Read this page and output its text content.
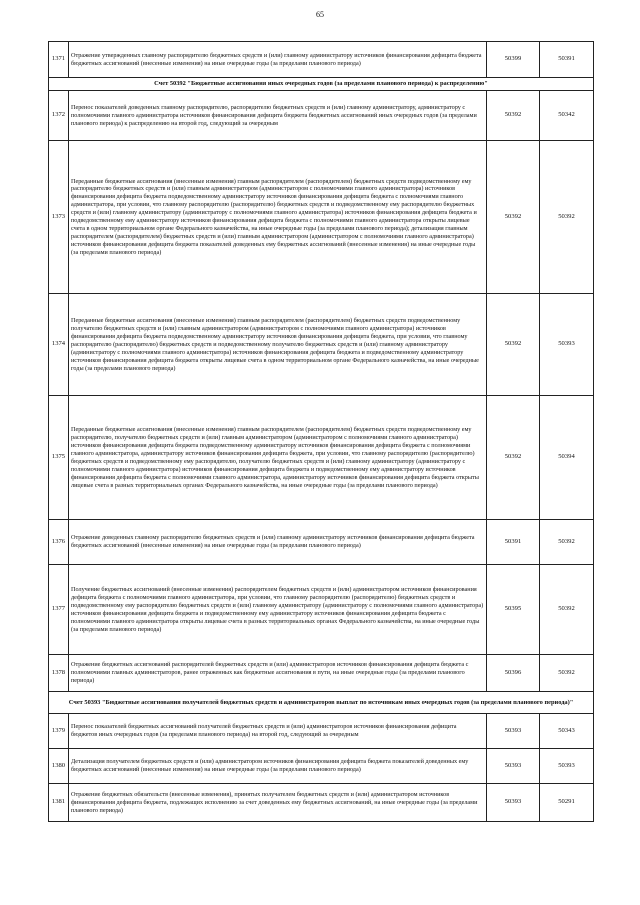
65
1371	Отражение утвержденных главному распорядителю бюджетных средств и (или) главному администратору источников финансирования дефицита бюджета бюджетных ассигнований (внесенные изменения) на иные очередные годы (за пределами планового периода)	50399	50391
Счет 50392 "Бюджетные ассигнования иных очередных годов (за пределами планового периода) к распределению"			
1372	Перенос показателей доведенных главному распорядителю, распорядителю бюджетных средств и (или) главному администратору, администратору с полномочиями главного администратора источников финансирования дефицита бюджета бюджетных ассигнований иных очередных годов (за пределами планового периода) к распределению на второй год, следующий за очередным	50392	50342
1373	Переданные бюджетные ассигнования (внесенные изменения) главным распорядителем (распорядителем) бюджетных средств подведомственному ему распорядителю бюджетных средств и (или) главным администратором (администратором с полномочиями главного администратора) источников финансирования дефицита бюджета подведомственному администратору источников финансирования дефицита бюджета с полномочиями главного администратора, при условии, что главному распорядителю (распорядителю) бюджетных средств и подведомственному ему распорядителю бюджетных средств и (или) главному администратору (администратору с полномочиями главного администратора) источников финансирования дефицита бюджета и подведомственному ему администратору источников финансирования дефицита бюджета с полномочиями главного администратора открыты лицевые счета в одном территориальном органе Федерального казначейства, на иные очередные годы (за пределами планового периода); детализация главным распорядителем (распорядителем) бюджетных средств и (или) главным администратором (администратором с полномочиями главного администратора) источников финансирования дефицита бюджета показателей доведенных ему бюджетных ассигнований (внесенные изменения) на иные очередные годы (за пределами планового периода)	50392	50392
1374	Переданные бюджетные ассигнования (внесенные изменения) главным распорядителем (распорядителем) бюджетных средств подведомственному получателю бюджетных средств и (или) главным администратором (администратором с полномочиями главного администратора) источников финансирования дефицита бюджета подведомственному администратору источников финансирования дефицита бюджета, при условии, что главному распорядителю (распорядителю) бюджетных средств и подведомственному получателю бюджетных средств и (или) главному администратору (администратору с полномочиями главного администратора) источников финансирования дефицита бюджета и подведомственному администратору источников финансирования дефицита бюджета открыты лицевые счета в одном территориальном органе Федерального казначейства, на иные очередные годы (за пределами планового периода)	50392	50393
1375	Переданные бюджетные ассигнования (внесенные изменения) главным распорядителем (распорядителем) бюджетных средств подведомственному ему распорядителю, получателю бюджетных средств и (или) главным администратором (администратором с полномочиями главного администратора) источников финансирования дефицита бюджета подведомственному администратору источников финансирования дефицита бюджета с полномочиями главного администратора, администратору источников финансирования дефицита бюджета, при условии, что главному распорядителю (распорядителю) бюджетных средств и подведомственному ему распорядителю, получателю бюджетных средств и (или) главному администратору (администратору с полномочиями главного администратора) источников финансирования дефицита бюджета и подведомственному ему администратору источников финансирования дефицита бюджета с полномочиями главного администратора, администратору источников финансирования дефицита бюджета открыты лицевые счета в разных территориальных органах Федерального казначейства, на иные очередные годы (за пределами планового периода)	50392	50394
1376	Отражение доведенных главному распорядителю бюджетных средств и (или) главному администратору источников финансирования дефицита бюджета бюджетных ассигнований (внесенные изменения) на иные очередные годы (за пределами планового периода)	50391	50392
1377	Получение бюджетных ассигнований (внесенные изменения) распорядителем бюджетных средств и (или) администратором источников финансирования дефицита бюджета с полномочиями главного администратора, при условии, что главному распорядителю (распорядителю) бюджетных средств и подведомственному ему распорядителю бюджетных средств и (или) главному администратору (администратору с полномочиями главного администратора) источников финансирования дефицита бюджета и подведомственному ему администратору источников финансирования дефицита бюджета с полномочиями главного администратора открыты лицевые счета в разных территориальных органах Федерального казначейства, на иные очередные годы (за пределами планового периода)	50395	50392
1378	Отражение бюджетных ассигнований распорядителей бюджетных средств и (или) администраторов источников финансирования дефицита бюджета с полномочиями главных администраторов, ранее отраженных как бюджетные ассигнования в пути, на иные очередные годы (за пределами планового периода)	50396	50392
Счет 50393 "Бюджетные ассигнования получателей бюджетных средств и администраторов выплат по источникам иных очередных годов (за пределами планового периода)"			
1379	Перенос показателей бюджетных ассигнований получателей бюджетных средств и (или) администраторов источников финансирования дефицита бюджетов иных очередных годов (за пределами планового периода) на второй год, следующий за очередным	50393	50343
1380	Детализация получателем бюджетных средств и (или) администратором источников финансирования дефицита бюджета показателей доведенных ему бюджетных ассигнований (внесенные изменения) на иные очередные годы (за пределами планового периода)	50393	50393
1381	Отражение бюджетных обязательств (внесенные изменения), принятых получателем бюджетных средств и (или) администратором источников финансирования дефицита бюджета, подлежащих исполнению за счет доведенных ему бюджетных ассигнований, на иные очередные годы (за пределами планового периода)	50393	50291
